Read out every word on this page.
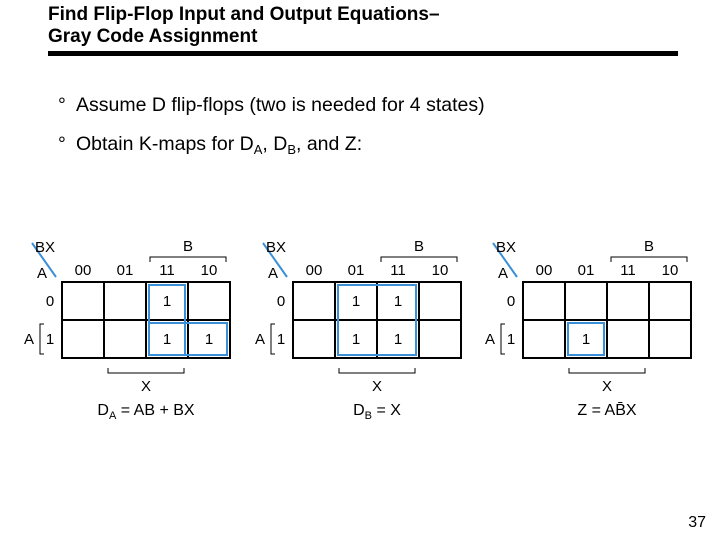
Find Flip-Flop Input and Output Equations–
Gray Code Assignment
° Assume D flip-flops (two is needed for 4 states)
° Obtain K-maps for $D_A$, $D_B$, and Z:
BX
A
B
00 01 11 10
0
1
A
1
1 1
X
$D_A$ = AB + BX
BX
A
B
00 01 11 10
0
1
A
1 1
1 1
X
$D_B = X$
BX
A
B
00 01 11 10
0
1
A	1
X
Z = AB̄X
37
